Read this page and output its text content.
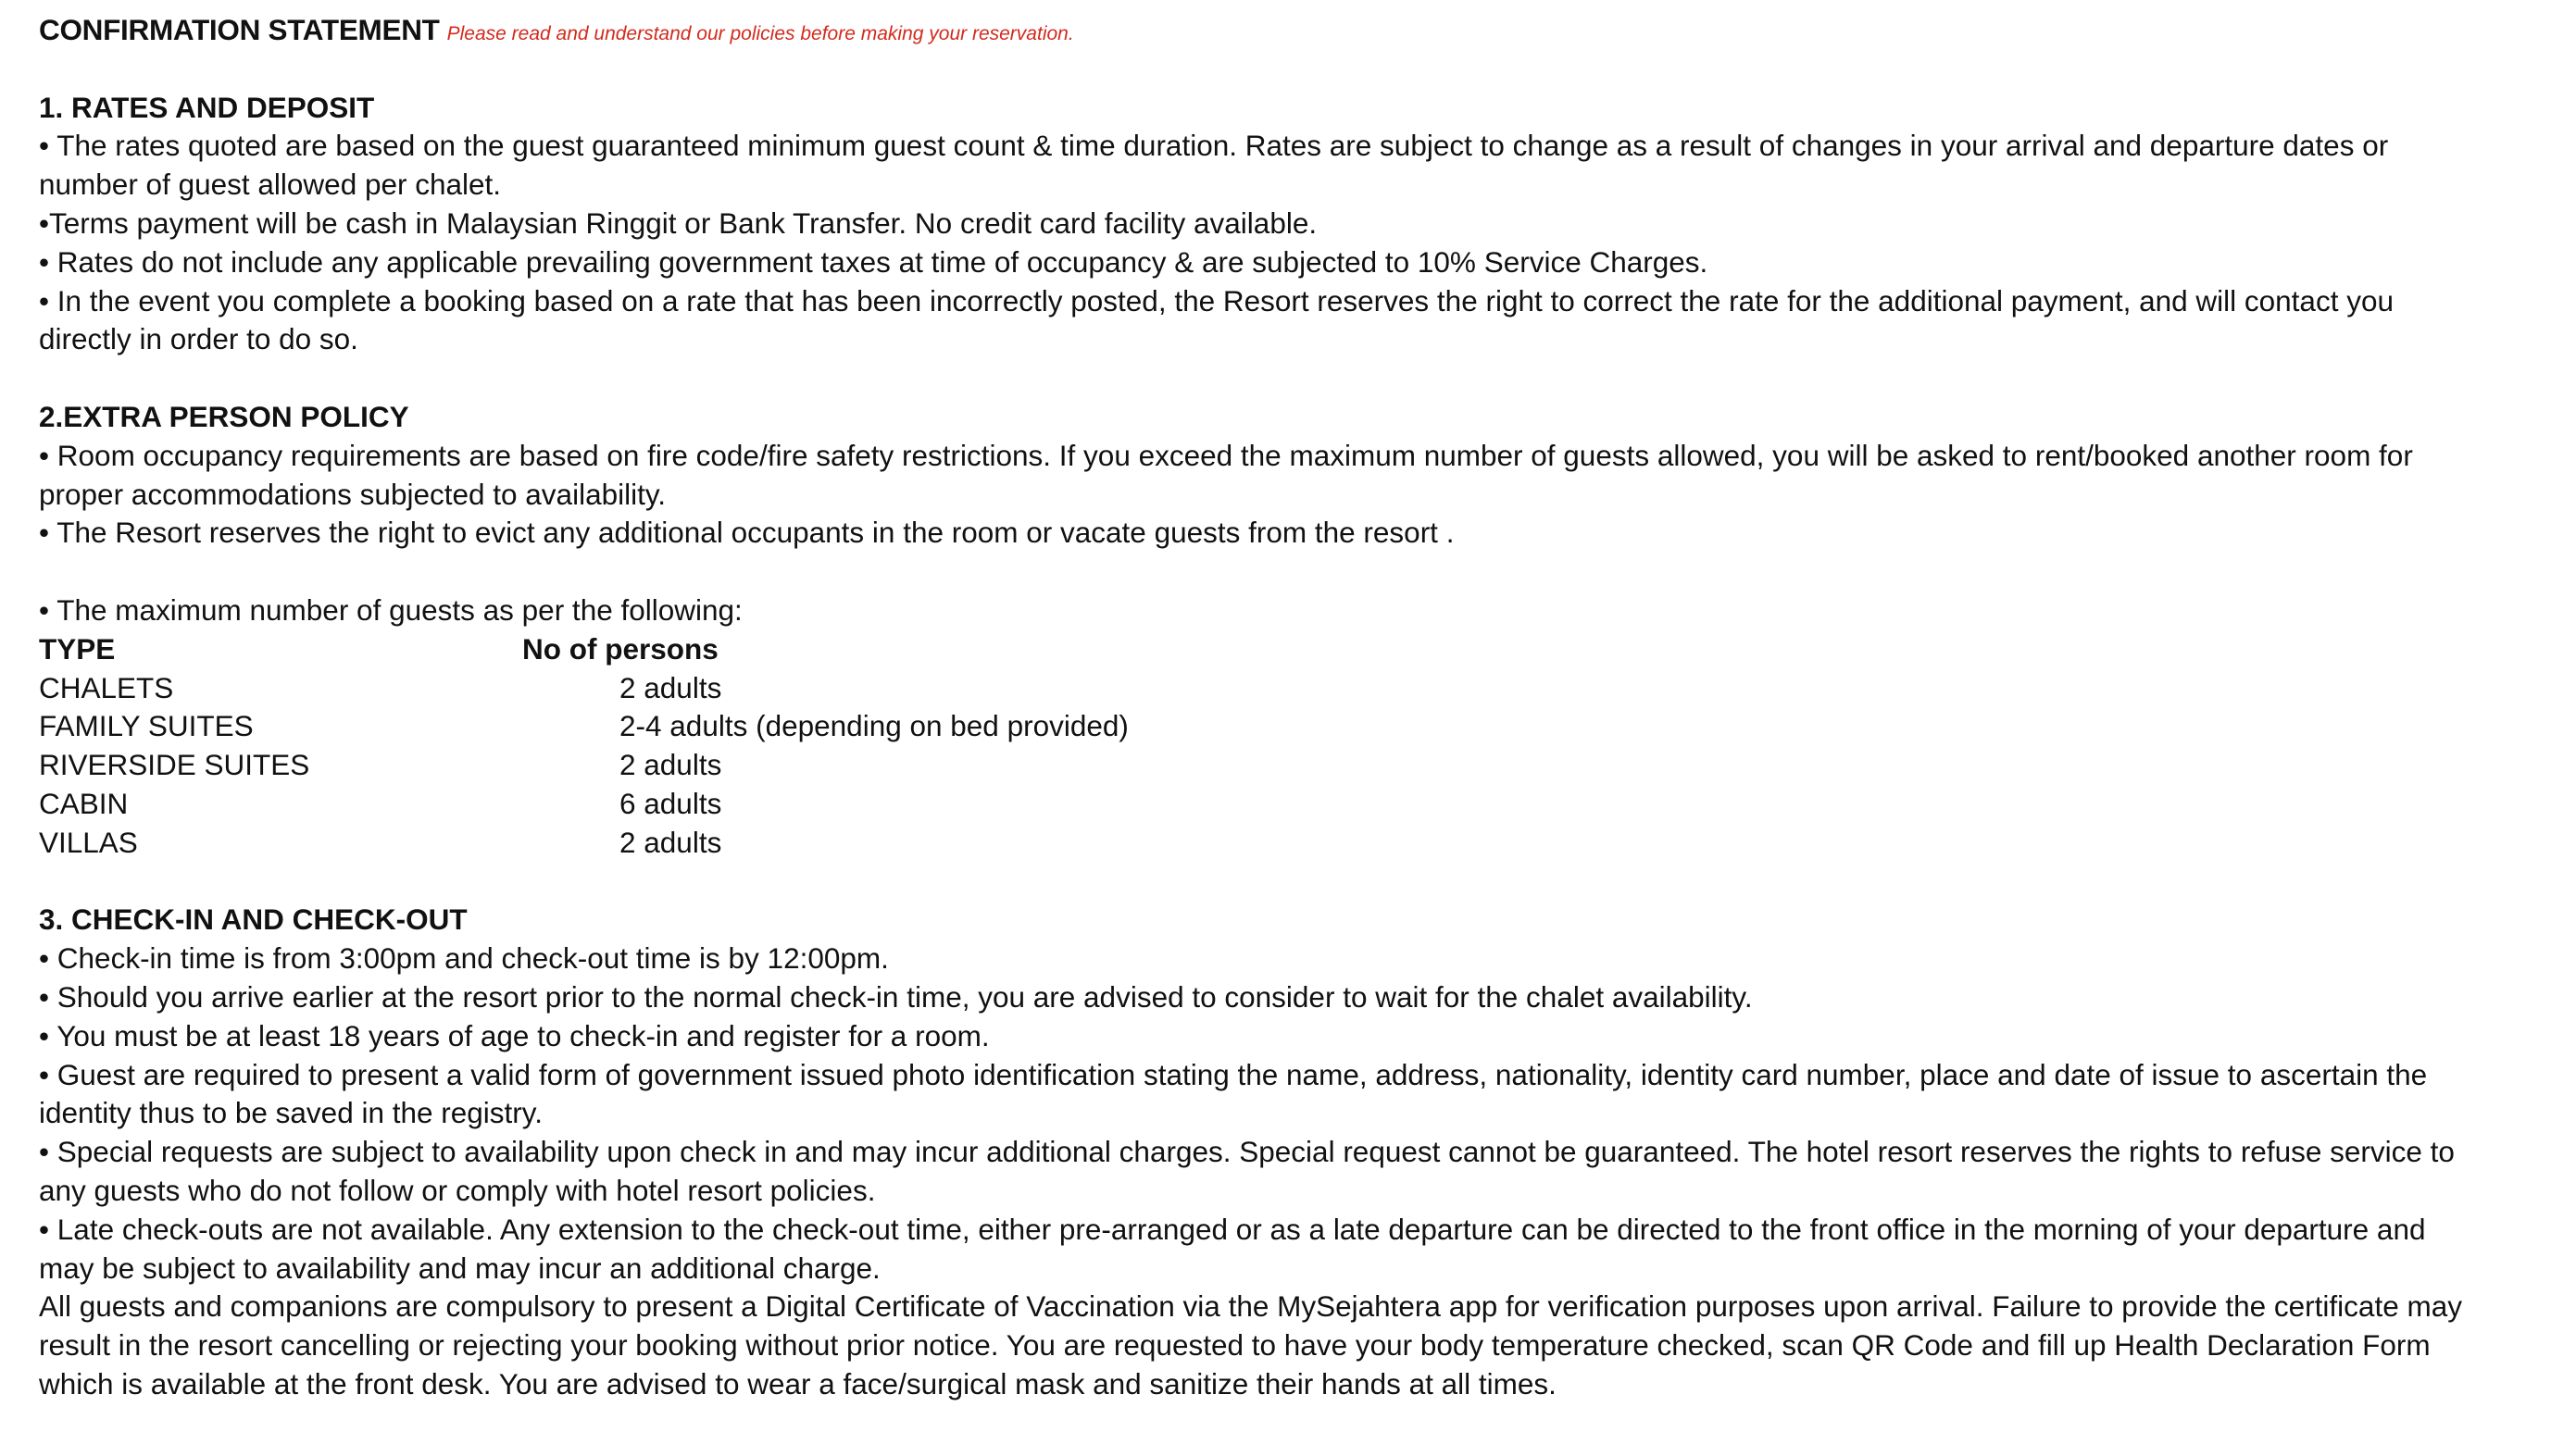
CONFIRMATION STATEMENT Please read and understand our policies before making your reservation.

1. RATES AND DEPOSIT

• The rates quoted are based on the guest guaranteed minimum guest count & time duration. Rates are subject to change as a result of changes in your arrival and departure dates or

number of guest allowed per chalet.

•Terms payment will be cash in Malaysian Ringgit or Bank Transfer. No credit card facility available.

• Rates do not include any applicable prevailing government taxes at time of occupancy & are subjected to 10% Service Charges.

• In the event you complete a booking based on a rate that has been incorrectly posted, the Resort reserves the right to correct the rate for the additional payment, and will contact you

directly in order to do so.

2.EXTRA PERSON POLICY

• Room occupancy requirements are based on fire code/fire safety restrictions. If you exceed the maximum number of guests allowed, you will be asked to rent/booked another room for

proper accommodations subjected to availability.

• The Resort reserves the right to evict any additional occupants in the room or vacate guests from the resort .

• The maximum number of guests as per the following:

TYPE	No of persons
CHALETS	2 adults
FAMILY SUITES	2-4 adults (depending on bed provided)
RIVERSIDE SUITES	2 adults
CABIN	6 adults
VILLAS	2 adults

3. CHECK-IN AND CHECK-OUT

• Check-in time is from 3:00pm and check-out time is by 12:00pm.

• Should you arrive earlier at the resort prior to the normal check-in time, you are advised to consider to wait for the chalet availability.

• You must be at least 18 years of age to check-in and register for a room.

• Guest are required to present a valid form of government issued photo identification stating the name, address, nationality, identity card number, place and date of issue to ascertain the

identity thus to be saved in the registry.

• Special requests are subject to availability upon check in and may incur additional charges. Special request cannot be guaranteed. The hotel resort reserves the rights to refuse service to

any guests who do not follow or comply with hotel resort policies.

• Late check-outs are not available. Any extension to the check-out time, either pre-arranged or as a late departure can be directed to the front office in the morning of your departure and

may be subject to availability and may incur an additional charge.

All guests and companions are compulsory to present a Digital Certificate of Vaccination via the MySejahtera app for verification purposes upon arrival. Failure to provide the certificate may

result in the resort cancelling or rejecting your booking without prior notice. You are requested to have your body temperature checked, scan QR Code and fill up Health Declaration Form

which is available at the front desk. You are advised to wear a face/surgical mask and sanitize their hands at all times.
